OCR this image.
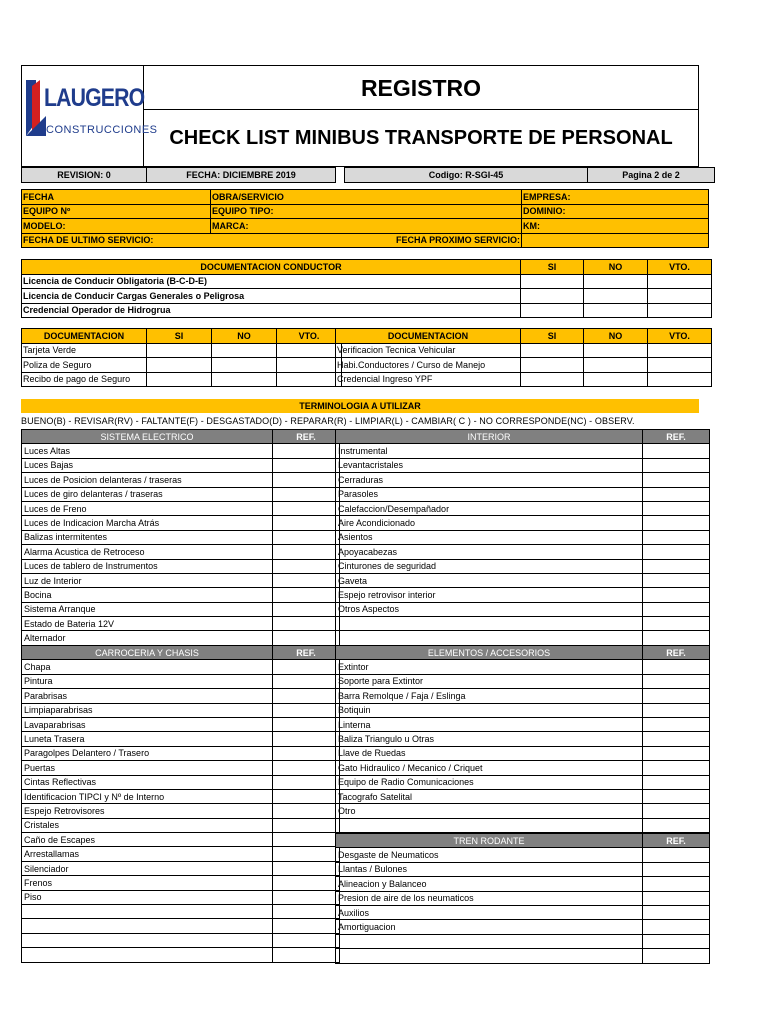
LAUGERO
CONSTRUCCIONES
REGISTRO
CHECK LIST MINIBUS TRANSPORTE DE PERSONAL
REVISION: 0	FECHA: DICIEMBRE 2019		Codigo: R-SGI-45	Pagina 2 de 2
FECHA	OBRA/SERVICIO	EMPRESA:
EQUIPO Nº	EQUIPO TIPO:	DOMINIO:
MODELO:	MARCA:	KM:
FECHA DE ULTIMO SERVICIO: FECHA PROXIMO SERVICIO:		

DOCUMENTACION CONDUCTOR	SI	NO	VTO.
Licencia de Conducir Obligatoria (B-C-D-E)			
Licencia de Conducir Cargas Generales o Peligrosa			
Credencial Operador de Hidrogrua			
DOCUMENTACION	SI	NO	VTO.
Tarjeta Verde			
Poliza de Seguro			
Recibo de pago de Seguro			
DOCUMENTACION	SI	NO	VTO.
Verificacion Tecnica Vehicular			
Habi.Conductores / Curso de Manejo			
Credencial Ingreso YPF			
TERMINOLOGIA A UTILIZAR
BUENO(B) - REVISAR(RV) - FALTANTE(F) - DESGASTADO(D) - REPARAR(R) - LIMPIAR(L) - CAMBIAR( C ) - NO CORRESPONDE(NC) - OBSERV.
SISTEMA ELECTRICO	REF.
Luces Altas	
Luces Bajas	
Luces de Posicion delanteras / traseras	
Luces de giro delanteras / traseras	
Luces de Freno	
Luces de Indicacion Marcha Atrás	
Balizas intermitentes	
Alarma Acustica de Retroceso	
Luces de tablero de Instrumentos	
Luz de Interior	
Bocina	
Sistema Arranque	
Estado de Bateria 12V	
Alternador	
CARROCERIA Y CHASIS	REF.
Chapa	
Pintura	
Parabrisas	
Limpiaparabrisas	
Lavaparabrisas	
Luneta Trasera	
Paragolpes Delantero / Trasero	
Puertas	
Cintas Reflectivas	
Identificacion TIPCI y Nº de Interno	
Espejo Retrovisores	
Cristales	
Caño de Escapes	
Arrestallamas	
Silenciador	
Frenos	
Piso	

INTERIOR	REF.
Instrumental	
Levantacristales	
Cerraduras	
Parasoles	
Calefaccion/Desempañador	
Aire Acondicionado	
Asientos	
Apoyacabezas	
Cinturones de seguridad	
Gaveta	
Espejo retrovisor interior	
Otros Aspectos	

ELEMENTOS / ACCESORIOS	REF.
Extintor	
Soporte para Extintor	
Barra Remolque / Faja / Eslinga	
Botiquin	
Linterna	
Baliza Triangulo u Otras	
Llave de Ruedas	
Gato Hidraulico / Mecanico / Criquet	
Equipo de Radio Comunicaciones	
Tacografo Satelital	
Otro	

TREN RODANTE	REF.
Desgaste de Neumaticos	
Llantas / Bulones	
Alineacion y Balanceo	
Presion de aire de los neumaticos	
Auxilios	
Amortiguacion	
